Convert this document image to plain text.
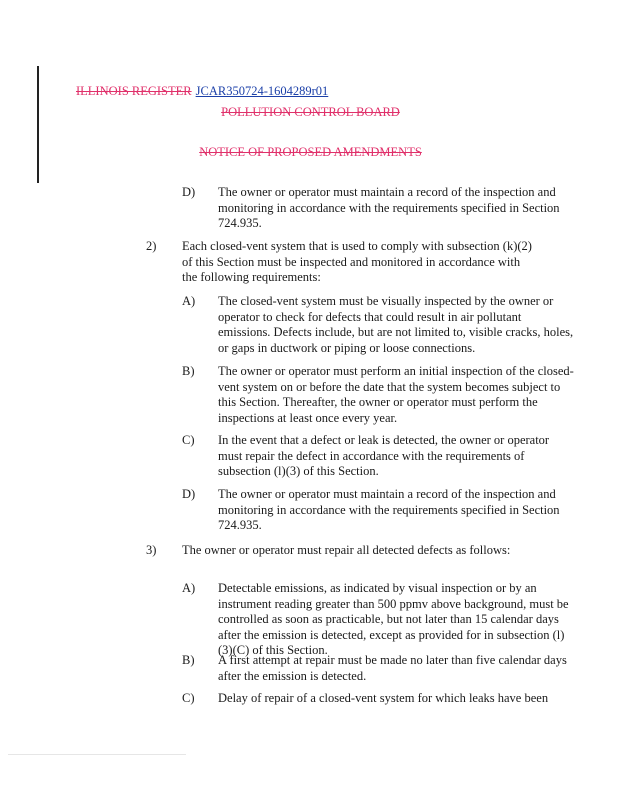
ILLINOIS REGISTER JCAR350724-1604289r01
POLLUTION CONTROL BOARD
NOTICE OF PROPOSED AMENDMENTS
D) The owner or operator must maintain a record of the inspection and monitoring in accordance with the requirements specified in Section 724.935.
2) Each closed-vent system that is used to comply with subsection (k)(2) of this Section must be inspected and monitored in accordance with the following requirements:
A) The closed-vent system must be visually inspected by the owner or operator to check for defects that could result in air pollutant emissions. Defects include, but are not limited to, visible cracks, holes, or gaps in ductwork or piping or loose connections.
B) The owner or operator must perform an initial inspection of the closed-vent system on or before the date that the system becomes subject to this Section. Thereafter, the owner or operator must perform the inspections at least once every year.
C) In the event that a defect or leak is detected, the owner or operator must repair the defect in accordance with the requirements of subsection (l)(3) of this Section.
D) The owner or operator must maintain a record of the inspection and monitoring in accordance with the requirements specified in Section 724.935.
3) The owner or operator must repair all detected defects as follows:
A) Detectable emissions, as indicated by visual inspection or by an instrument reading greater than 500 ppmv above background, must be controlled as soon as practicable, but not later than 15 calendar days after the emission is detected, except as provided for in subsection (l)(3)(C) of this Section.
B) A first attempt at repair must be made no later than five calendar days after the emission is detected.
C) Delay of repair of a closed-vent system for which leaks have been
